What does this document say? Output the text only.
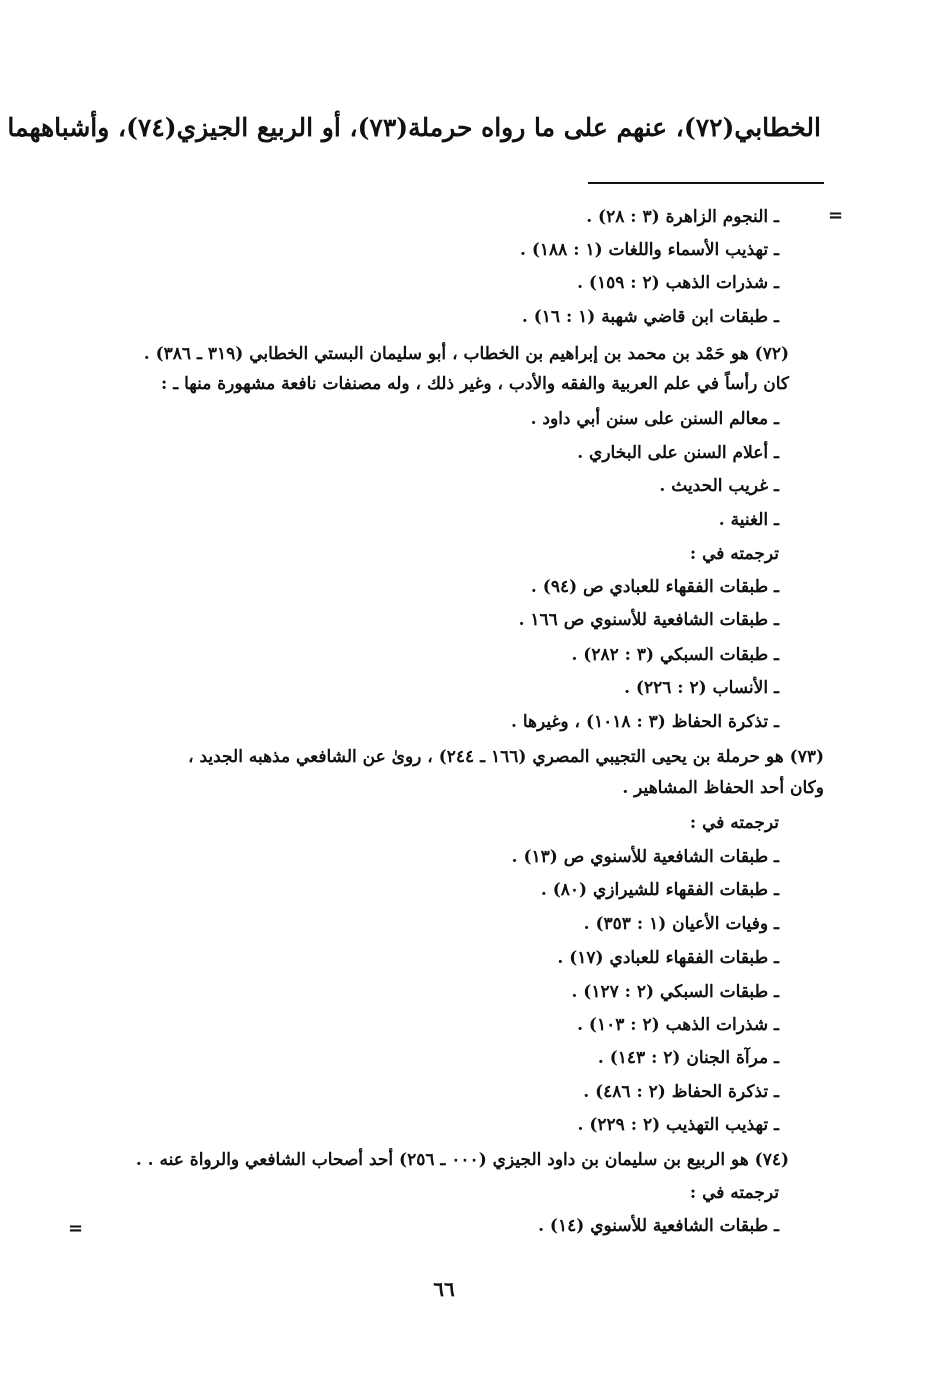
الخطابي(٧٢)، عنهم على ما رواه حرملة(٧٣)، أو الربيع الجيزي(٧٤)، وأشباههما
=
=
ـ النجوم الزاهرة (٣ : ٢٨) .
ـ تهذيب الأسماء واللغات (١ : ١٨٨) .
ـ شذرات الذهب (٢ : ١٥٩) .
ـ طبقات ابن قاضي شهبة (١ : ١٦) .
(٧٢) هو حَمْد بن محمد بن إبراهيم بن الخطاب ، أبو سليمان البستي الخطابي (٣١٩ ـ ٣٨٦) .
كان رأساً في علم العربية والفقه والأدب ، وغير ذلك ، وله مصنفات نافعة مشهورة منها ـ :
ـ معالم السنن على سنن أبي داود .
ـ أعلام السنن على البخاري .
ـ غريب الحديث .
ـ الغنية .
ترجمته في :
ـ طبقات الفقهاء للعبادي ص (٩٤) .
ـ طبقات الشافعية للأسنوي ص ١٦٦ .
ـ طبقات السبكي (٣ : ٢٨٢) .
ـ الأنساب (٢ : ٢٢٦) .
ـ تذكرة الحفاظ (٣ : ١٠١٨) ، وغيرها .
(٧٣) هو حرملة بن يحيى التجيبي المصري (١٦٦ ـ ٢٤٤) ، روىٰ عن الشافعي مذهبه الجديد ،
وكان أحد الحفاظ المشاهير .
ترجمته في :
ـ طبقات الشافعية للأسنوي ص (١٣) .
ـ طبقات الفقهاء للشيرازي (٨٠) .
ـ وفيات الأعيان (١ : ٣٥٣) .
ـ طبقات الفقهاء للعبادي (١٧) .
ـ طبقات السبكي (٢ : ١٢٧) .
ـ شذرات الذهب (٢ : ١٠٣) .
ـ مرآة الجنان (٢ : ١٤٣) .
ـ تذكرة الحفاظ (٢ : ٤٨٦) .
ـ تهذيب التهذيب (٢ : ٢٢٩) .
(٧٤) هو الربيع بن سليمان بن داود الجيزي (٠٠٠ ـ ٢٥٦) أحد أصحاب الشافعي والرواة عنه . .
ترجمته في :
ـ طبقات الشافعية للأسنوي (١٤) .
٦٦
